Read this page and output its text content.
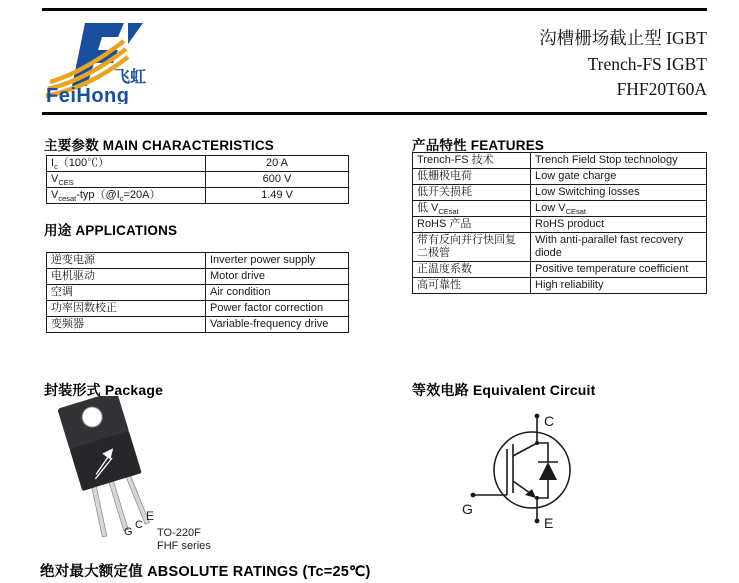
飞虹
FeiHong
沟槽栅场截止型 IGBT
Trench-FS IGBT
FHF20T60A
主要参数 MAIN CHARACTERISTICS
$I_c(100℃)$	20 A
$V_{CES}$	600 V
$V_{cesat}-typ(@I_c=20A)$	1.49 V
用途 APPLICATIONS
逆变电源	Inverter power supply
电机驱动	Motor drive
空调	Air condition
功率因数校正	Power factor correction
变频器	Variable-frequency drive
产品特性 FEATURES
Trench-FS 技术	Trench Field Stop technology
低栅极电荷	Low gate charge
低开关损耗	Low Switching losses
低 $V_{CEsat}$	Low $V_{CEsat}$
RoHS 产品	RoHS product
带有反向并行快回复二极管	With anti-parallel fast recovery diode
正温度系数	Positive temperature coefficient
高可靠性	High reliability
封装形式 Package
G
C
E
TO-220F
FHF series
等效电路 Equivalent Circuit
C
G
E
绝对最大额定值 ABSOLUTE RATINGS (Tc=25℃)
